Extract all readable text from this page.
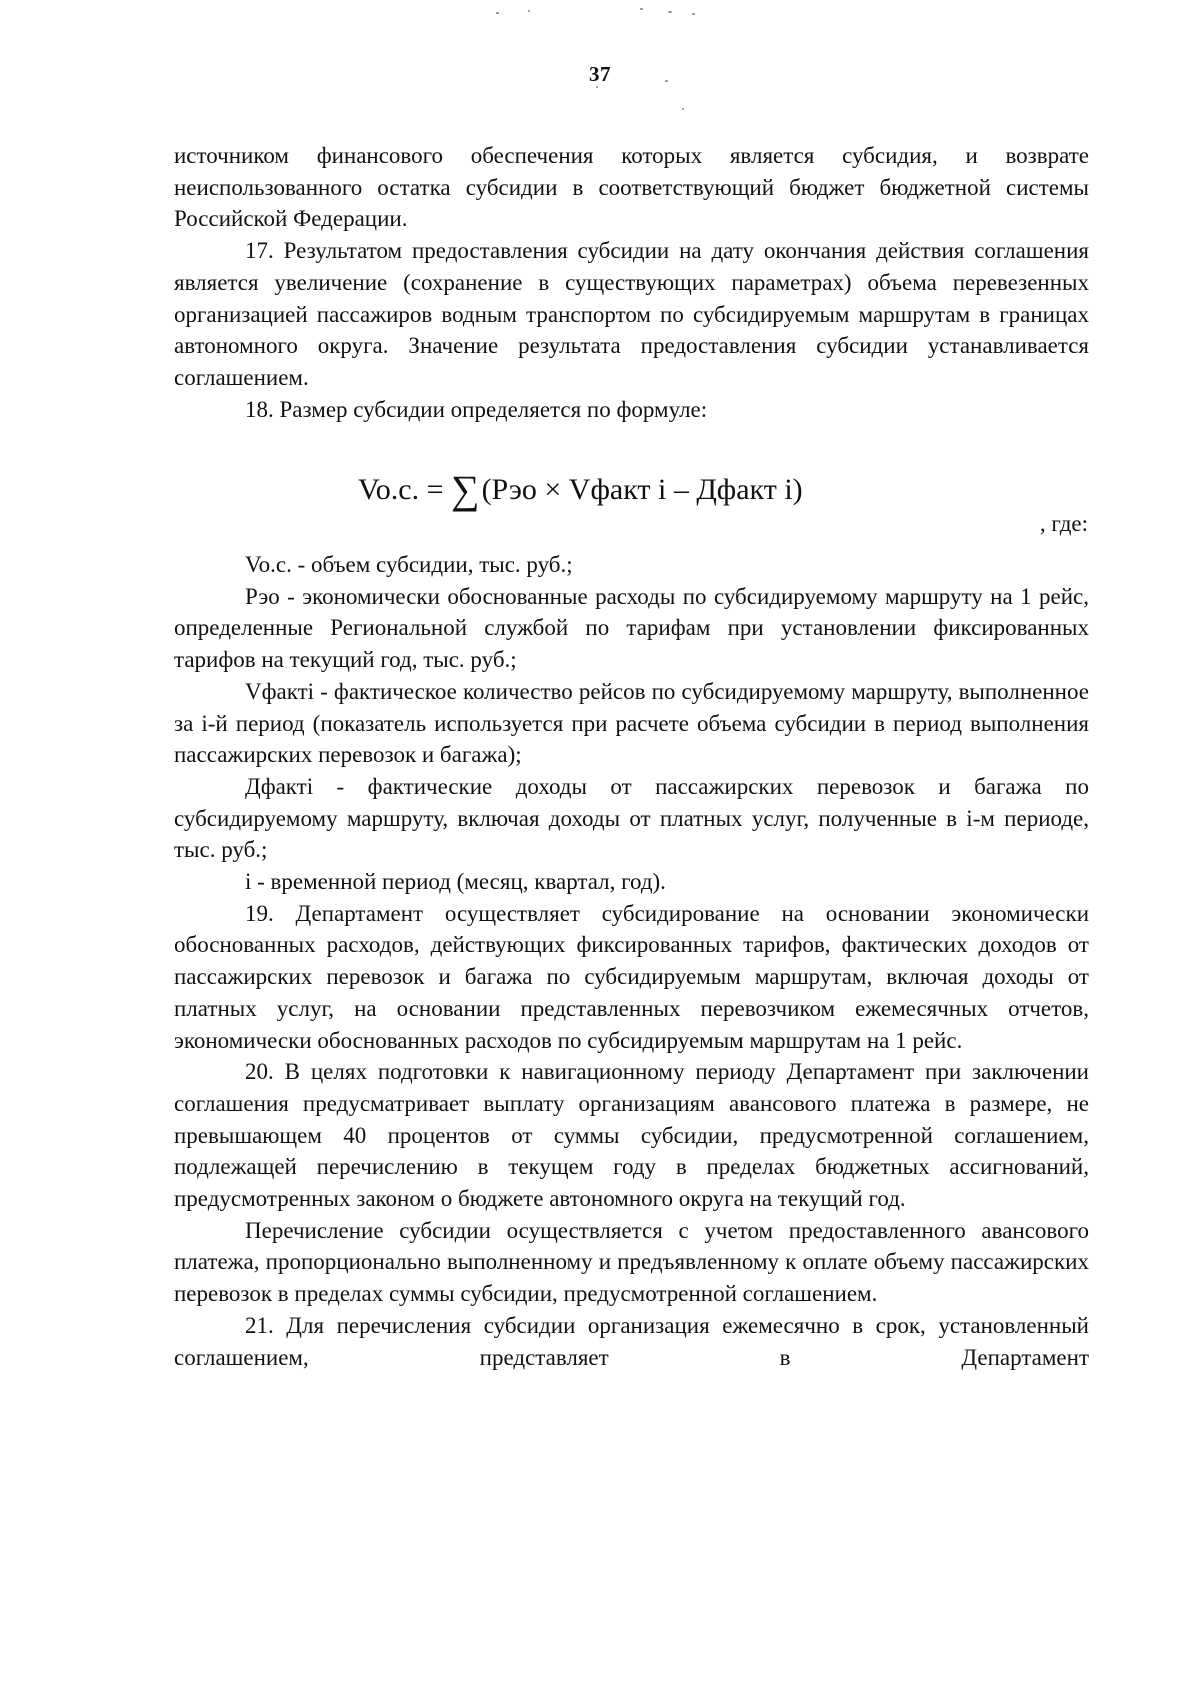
37

источником финансового обеспечения которых является субсидия, и возврате неиспользованного остатка субсидии в соответствующий бюджет бюджетной системы Российской Федерации.

17. Результатом предоставления субсидии на дату окончания действия соглашения является увеличение (сохранение в существующих параметрах) объема перевезенных организацией пассажиров водным транспортом по субсидируемым маршрутам в границах автономного округа. Значение результата предоставления субсидии устанавливается соглашением.

18. Размер субсидии определяется по формуле:

Vo.c. = ∑(Рэо × Vфакт i – Дфакт i)
, где:

Vo.c. - объем субсидии, тыс. руб.;

Рэо - экономически обоснованные расходы по субсидируемому маршруту на 1 рейс, определенные Региональной службой по тарифам при установлении фиксированных тарифов на текущий год, тыс. руб.;

Vфакті - фактическое количество рейсов по субсидируемому маршруту, выполненное за і-й период (показатель используется при расчете объема субсидии в период выполнения пассажирских перевозок и багажа);

Дфакті - фактические доходы от пассажирских перевозок и багажа по субсидируемому маршруту, включая доходы от платных услуг, полученные в і-м периоде, тыс. руб.;

і - временной период (месяц, квартал, год).

19. Департамент осуществляет субсидирование на основании экономически обоснованных расходов, действующих фиксированных тарифов, фактических доходов от пассажирских перевозок и багажа по субсидируемым маршрутам, включая доходы от платных услуг, на основании представленных перевозчиком ежемесячных отчетов, экономически обоснованных расходов по субсидируемым маршрутам на 1 рейс.

20. В целях подготовки к навигационному периоду Департамент при заключении соглашения предусматривает выплату организациям авансового платежа в размере, не превышающем 40 процентов от суммы субсидии, предусмотренной соглашением, подлежащей перечислению в текущем году в пределах бюджетных ассигнований, предусмотренных законом о бюджете автономного округа на текущий год.

Перечисление субсидии осуществляется с учетом предоставленного авансового платежа, пропорционально выполненному и предъявленному к оплате объему пассажирских перевозок в пределах суммы субсидии, предусмотренной соглашением.

21. Для перечисления субсидии организация ежемесячно в срок, установленный соглашением, представляет в Департамент
